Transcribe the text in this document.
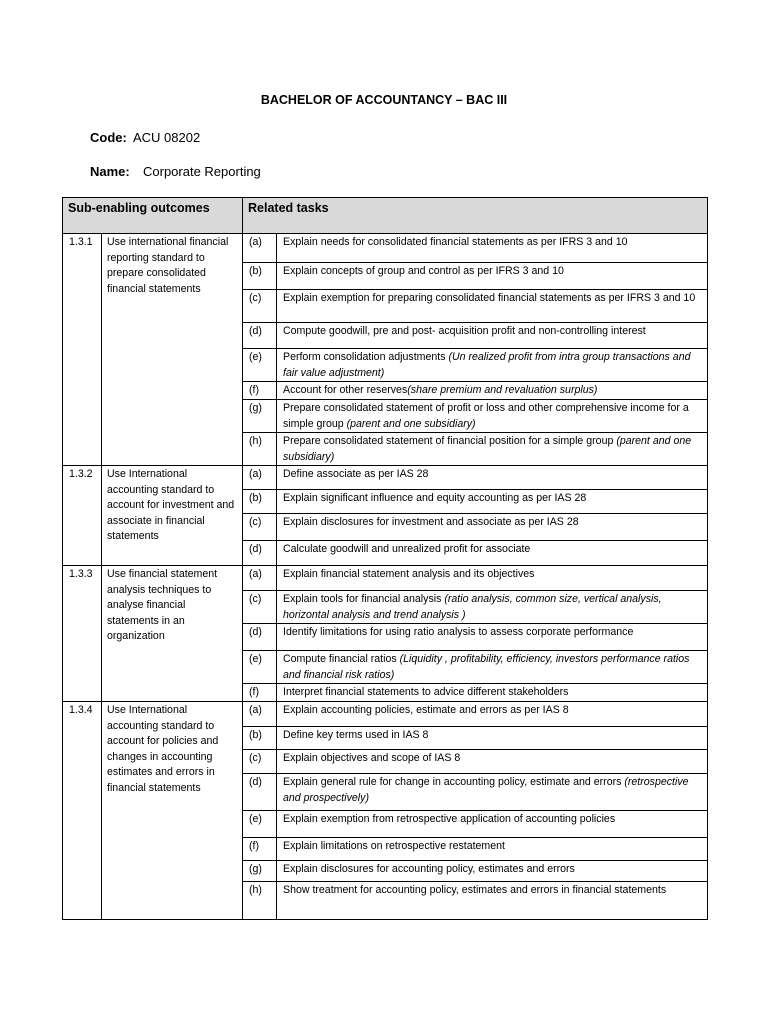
BACHELOR OF ACCOUNTANCY – BAC III
Code: ACU 08202
Name: Corporate Reporting
Sub-enabling outcomes		Related tasks	
1.3.1	Use international financial reporting standard to prepare consolidated financial statements	(a)	Explain needs for consolidated financial statements as per IFRS 3 and 10
		(b)	Explain concepts of group and control as per IFRS 3 and 10
		(c)	Explain exemption for preparing consolidated financial statements as per IFRS 3 and 10
		(d)	Compute goodwill, pre and post- acquisition profit and non-controlling interest
		(e)	Perform consolidation adjustments (Un realized profit from intra group transactions and fair value adjustment)
		(f)	Account for other reserves(share premium and revaluation surplus)
		(g)	Prepare consolidated statement of profit or loss and other comprehensive income for a simple group (parent and one subsidiary)
		(h)	Prepare consolidated statement of financial position for a simple group (parent and one subsidiary)
1.3.2	Use International accounting standard to account for investment and associate in financial statements	(a)	Define associate as per IAS 28
		(b)	Explain significant influence and equity accounting as per IAS 28
		(c)	Explain disclosures for investment and associate as per IAS 28
		(d)	Calculate goodwill and unrealized profit for associate
1.3.3	Use financial statement analysis techniques to analyse financial statements in an organization	(a)	Explain financial statement analysis and its objectives
		(c)	Explain tools for financial analysis (ratio analysis, common size, vertical analysis, horizontal analysis and trend analysis )
		(d)	Identify limitations for using ratio analysis to assess corporate performance
		(e)	Compute financial ratios (Liquidity , profitability, efficiency, investors performance ratios and financial risk ratios)
		(f)	Interpret financial statements to advice different stakeholders
1.3.4	Use International accounting standard to account for policies and changes in accounting estimates and errors in financial statements	(a)	Explain accounting policies, estimate and errors as per IAS 8
		(b)	Define key terms used in IAS 8
		(c)	Explain objectives and scope of IAS 8
		(d)	Explain general rule for change in accounting policy, estimate and errors (retrospective and prospectively)
		(e)	Explain exemption from retrospective application of accounting policies
		(f)	Explain limitations on retrospective restatement
		(g)	Explain disclosures for accounting policy, estimates and errors
		(h)	Show treatment for accounting policy, estimates and errors in financial statements
